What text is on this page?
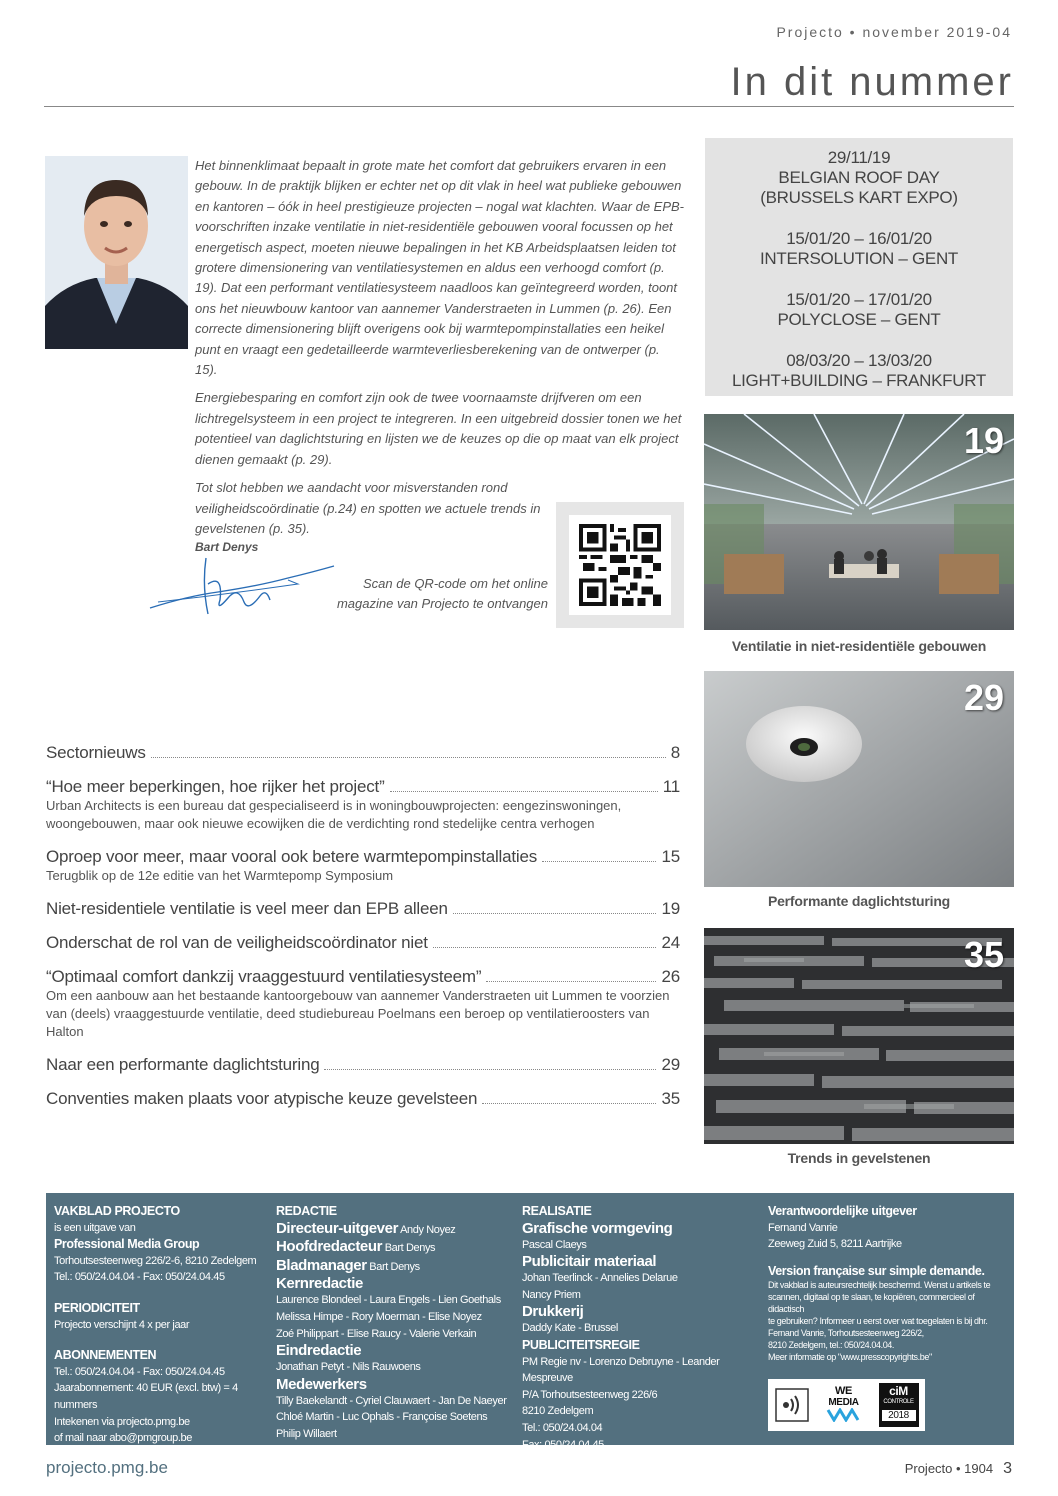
Projecto • november 2019-04
In dit nummer

Het binnenklimaat bepaalt in grote mate het comfort dat gebruikers ervaren in een gebouw. In de praktijk blijken er echter net op dit vlak in heel wat publieke gebouwen en kantoren – óók in heel prestigieuze projecten – nogal wat klachten. Waar de EPB-voorschriften inzake ventilatie in niet-residentiële gebouwen vooral focussen op het energetisch aspect, moeten nieuwe bepalingen in het KB Arbeidsplaatsen leiden tot grotere dimensionering van ventilatiesystemen en aldus een verhoogd comfort (p. 19). Dat een performant ventilatiesysteem naadloos kan geïntegreerd worden, toont ons het nieuwbouw kantoor van aannemer Vanderstraeten in Lummen (p. 26). Een correcte dimensionering blijft overigens ook bij warmtepompinstallaties een heikel punt en vraagt een gedetailleerde warmteverliesberekening van de ontwerper (p. 15).

Energiebesparing en comfort zijn ook de twee voornaamste drijfveren om een lichtregelsysteem in een project te integreren. In een uitgebreid dossier tonen we het potentieel van daglichtsturing en lijsten we de keuzes op die op maat van elk project dienen gemaakt (p. 29).

Tot slot hebben we aandacht voor misverstanden rond veiligheidscoördinatie (p.24) en spotten we actuele trends in gevelstenen (p. 35).

Bart Denys
Scan de QR-code om het online magazine van Projecto te ontvangen
29/11/19
BELGIAN ROOF DAY
(BRUSSELS KART EXPO)
15/01/20 – 16/01/20
INTERSOLUTION – GENT
15/01/20 – 17/01/20
POLYCLOSE – GENT
08/03/20 – 13/03/20
LIGHT+BUILDING – FRANKFURT
19
Ventilatie in niet-residentiële gebouwen
29
Performante daglichtsturing
35
Trends in gevelstenen
Sectornieuws	8
“Hoe meer beperkingen, hoe rijker het project”	11
Urban Architects is een bureau dat gespecialiseerd is in woningbouwprojecten: eengezinswoningen, woongebouwen, maar ook nieuwe ecowijken die de verdichting rond stedelijke centra verhogen
Oproep voor meer, maar vooral ook betere warmtepompinstallaties	15
Terugblik op de 12e editie van het Warmtepomp Symposium
Niet-residentiele ventilatie is veel meer dan EPB alleen	19
Onderschat de rol van de veiligheidscoördinator niet	24
“Optimaal comfort dankzij vraaggestuurd ventilatiesysteem”	26
Om een aanbouw aan het bestaande kantoorgebouw van aannemer Vanderstraeten uit Lummen te voorzien van (deels) vraaggestuurde ventilatie, deed studiebureau Poelmans een beroep op ventilatieroosters van Halton
Naar een performante daglichtsturing	29
Conventies maken plaats voor atypische keuze gevelsteen	35
VAKBLAD PROJECTO
is een uitgave van
Professional Media Group
Torhoutsesteenweg 226/2-6, 8210 Zedelgem
Tel.: 050/24.04.04 - Fax: 050/24.04.45
PERIODICITEIT
Projecto verschijnt 4 x per jaar
ABONNEMENTEN
Tel.: 050/24.04.04 - Fax: 050/24.04.45
Jaarabonnement: 40 EUR (excl. btw) = 4 nummers
Intekenen via projecto.pmg.be
of mail naar abo@pmgroup.be
REDACTIE
Directeur-uitgever Andy Noyez
Hoofdredacteur Bart Denys
Bladmanager Bart Denys
Kernredactie
Laurence Blondeel - Laura Engels - Lien Goethals
Melissa Himpe - Rory Moerman - Elise Noyez
Zoé Philippart - Elise Raucy - Valerie Verkain
Eindredactie
Jonathan Petyt - Nils Rauwoens
Medewerkers
Tilly Baekelandt - Cyriel Clauwaert - Jan De Naeyer
Chloé Martin - Luc Ophals - Françoise Soetens
Philip Willaert
REALISATIE
Grafische vormgeving
Pascal Claeys
Publicitair materiaal
Johan Teerlinck - Annelies Delarue
Nancy Priem
Drukkerij
Daddy Kate - Brussel
PUBLICITEITSREGIE
PM Regie nv - Lorenzo Debruyne - Leander Mespreuve
P/A Torhoutsesteenweg 226/6
8210 Zedelgem
Tel.: 050/24.04.04
Fax: 050/24.04.45
Verantwoordelijke uitgever
Fernand Vanrie
Zeeweg Zuid 5, 8211 Aartrijke
Version française sur simple demande.
Dit vakblad is auteursrechtelijk beschermd. Wenst u artikels te
scannen, digitaal op te slaan, te kopiëren, commercieel of didactisch
te gebruiken? Informeer u eerst over wat toegelaten is bij dhr.
Fernand Vanrie, Torhoutsesteenweg 226/2,
8210 Zedelgem, tel.: 050/24.04.04.
Meer informatie op "www.presscopyrights.be"
WE
MEDIA
ciM
CONTROLE
2018
projecto.pmg.be	Projecto • 1904 3
